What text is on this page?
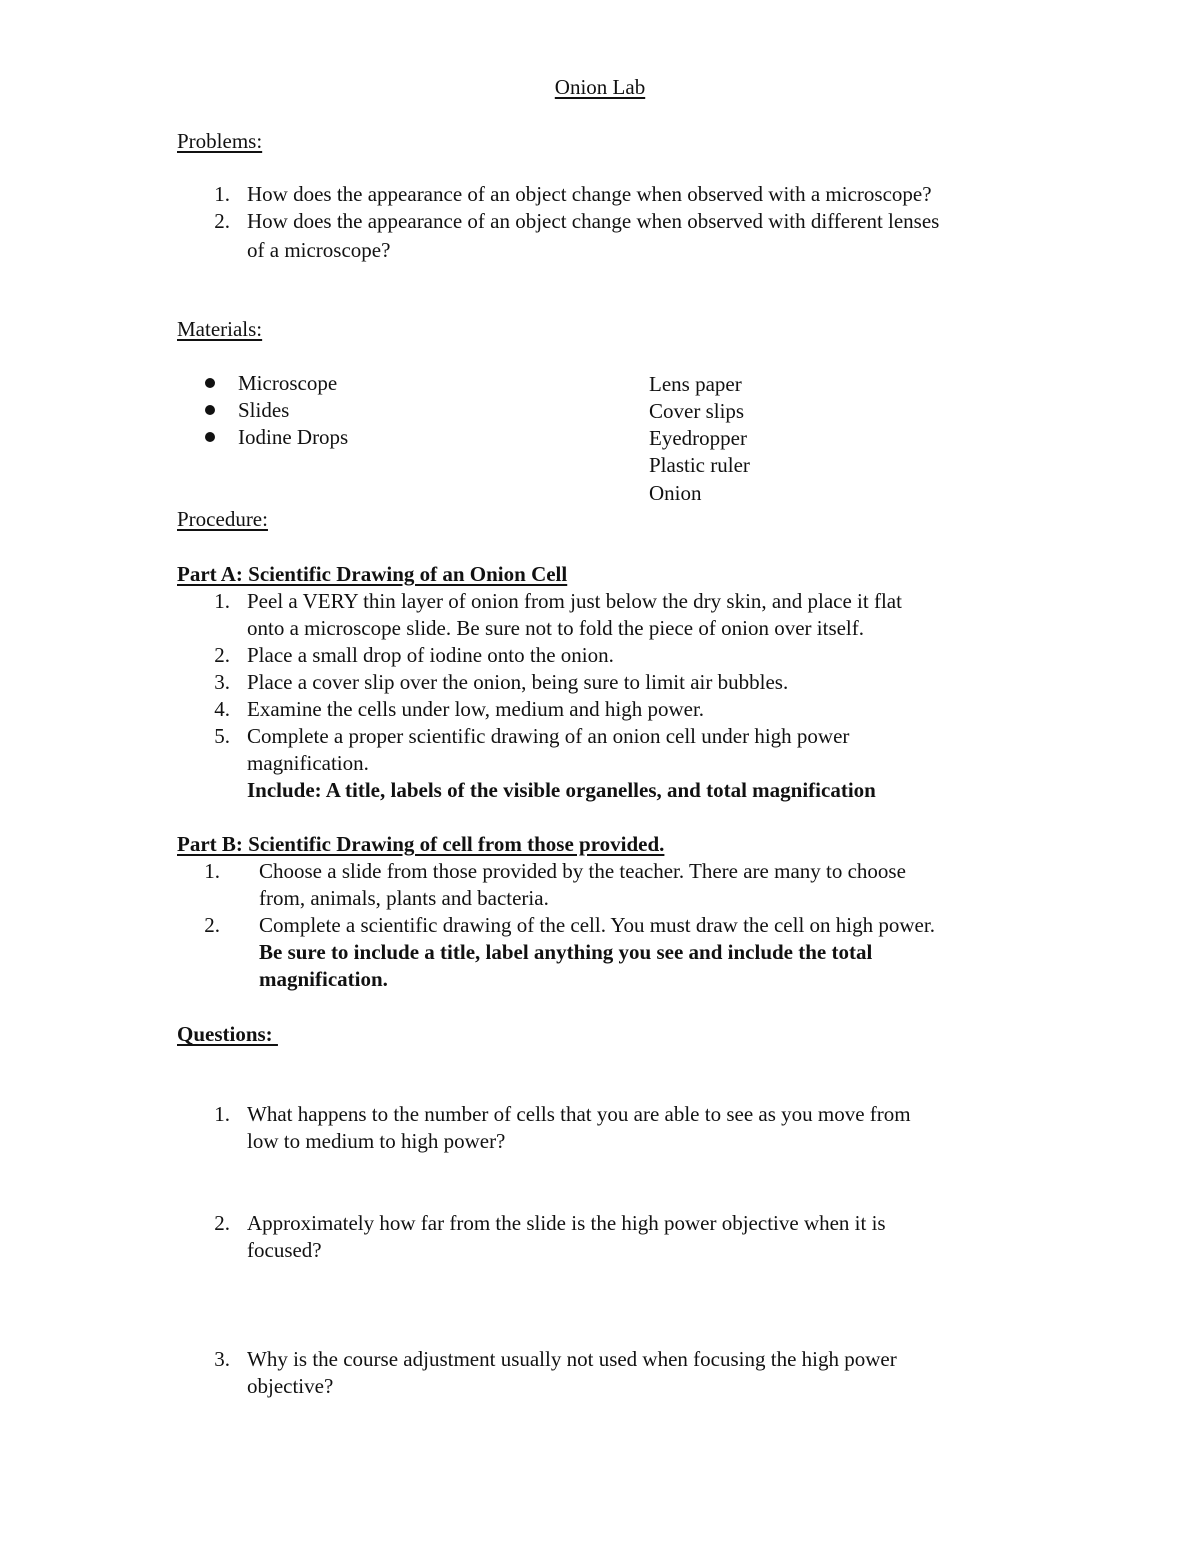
Onion Lab
Problems:
1. How does the appearance of an object change when observed with a microscope?
2. How does the appearance of an object change when observed with different lenses
of a microscope?
Materials:
Microscope
Slides
Iodine Drops
Lens paper
Cover slips
Eyedropper
Plastic ruler
Onion
Procedure:
Part A: Scientific Drawing of an Onion Cell
1. Peel a VERY thin layer of onion from just below the dry skin, and place it flat
onto a microscope slide. Be sure not to fold the piece of onion over itself.
2. Place a small drop of iodine onto the onion.
3. Place a cover slip over the onion, being sure to limit air bubbles.
4. Examine the cells under low, medium and high power.
5. Complete a proper scientific drawing of an onion cell under high power
magnification.
Include: A title, labels of the visible organelles, and total magnification
Part B: Scientific Drawing of cell from those provided.
1. Choose a slide from those provided by the teacher. There are many to choose
from, animals, plants and bacteria.
2. Complete a scientific drawing of the cell. You must draw the cell on high power.
Be sure to include a title, label anything you see and include the total
magnification.
Questions:
1. What happens to the number of cells that you are able to see as you move from
low to medium to high power?
2. Approximately how far from the slide is the high power objective when it is
focused?
3. Why is the course adjustment usually not used when focusing the high power
objective?
